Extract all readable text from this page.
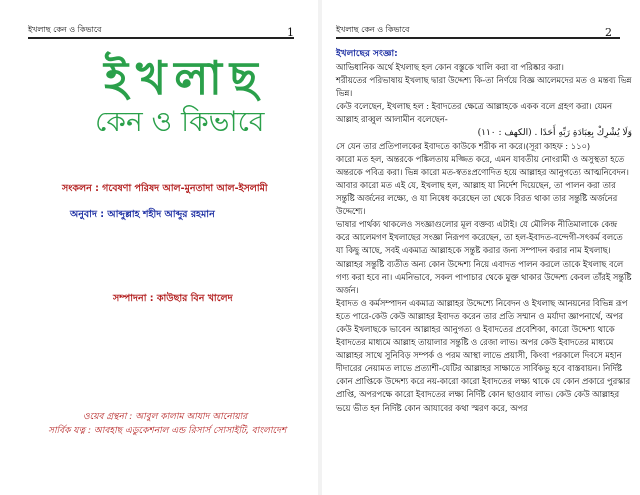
ইখলাছ কেন ও কিভাবে	1
ইখলাছ
কেন ও কিভাবে
সংকলন : গবেষণা পরিষদ আল-মুনতাদা আল-ইসলামী
অনুবাদ : আব্দুল্লাহ শহীদ আব্দুর রহমান
সম্পাদনা : কাউছার বিন খালেদ
ওয়েব গ্রন্থনা : আবুল কালাম আযাদ আনোয়ার
সার্বিক যত্ন : আবহাছ এডুকেশনাল এন্ড রিসার্স সোসাইটি, বাংলাদেশ
ইখলাছ কেন ও কিভাবে	2

ইখলাছের সংজ্ঞা:

আভিধানিক অর্থে ইখলাছ হল কোন বস্তুকে খালি করা বা পরিষ্কার করা।

শরীয়তের পরিভাষায় ইখলাছ দ্বারা উদ্দেশ্য কি-তা নির্ণয়ে বিজ্ঞ আলেমদের মত ও মন্তব্য ভিন্ন ভিন্ন।

কেউ বলেছেন, ইখলাছ হল : ইবাদতের ক্ষেত্রে আল্লাহকে একক বলে গ্রহণ করা। যেমন আল্লাহ রাব্বুল আলামীন বলেছেন-

وَلَا يُشْرِكْ بِعِبَادَةِ رَبِّهِ أَحَدًا . (الكهف : ١١٠)

সে যেন তার প্রতিপালকের ইবাদতে কাউকে শরীক না করে।(সূরা কাহফ : ১১০)

কারো মত হল, অন্তরকে পঙ্কিলতায় মজ্জিত করে, এমন যাবতীয় নোংরামী ও অসুস্থতা হতে অন্তরকে পবিত্র করা। ভিন্ন কারো মত-স্বতঃপ্রণোদিত হয়ে আল্লাহর আনুগত্যে আত্মনিবেদন।

আবার কারো মত এই যে, ইখলাছ হল, আল্লাহ যা নির্দেশ দিয়েছেন, তা পালন করা তার সন্তুষ্টি অর্জনের লক্ষ্যে, ও যা নিষেধ করেছেন তা থেকে বিরত থাকা তার সন্তুষ্টি অর্জনের উদ্দেশ্যে।

ভাষার পার্থক্য থাকলেও সংজ্ঞাগুলোর মূল বক্তব্য এটাই। যে মৌলিক নীতিমালাকে কেন্দ্র করে আলেমগণ ইখলাছের সংজ্ঞা নিরূপণ করেছেন, তা হল-ইবাদত-বন্দেগী-সৎকর্ম বলতে যা কিছু আছে, সবই একমাত্র আল্লাহকে সন্তুষ্ট করার জন্য সম্পাদন করার নাম ইখলাছ। আল্লাহর সন্তুষ্টি ব্যতীত অন্য কোন উদ্দেশ্য নিয়ে এবাদত পালন করলে তাকে ইখলাছ বলে গণ্য করা হবে না। এমনিভাবে, সকল পাপাচার থেকে মুক্ত থাকার উদ্দেশ্য কেবল তাঁরই সন্তুষ্টি অর্জন।

ইবাদত ও কর্মসম্পাদন একমাত্র আল্লাহর উদ্দেশ্যে নিবেদন ও ইখলাছ আনয়নের বিভিন্ন রূপ হতে পারে-কেউ কেউ আল্লাহর ইবাদত করেন তার প্রতি সম্মান ও মর্যাদা জ্ঞাপনার্থে, অপর কেউ ইখলাছকে ভাবেন আল্লাহর আনুগত্য ও ইবাদতের প্রবেশিকা, কারো উদ্দেশ্য থাকে ইবাদতের মাধ্যমে আল্লাহ তায়ালার সন্তুষ্টি ও রেজা লাভ। অপর কেউ ইবাদতের মাধ্যমে আল্লাহর সাথে সুনিবিড় সম্পর্ক ও পরম আস্থা লাভে প্রয়াসী, কিংবা পরকালে দিবসে মহান দীদারের নেয়ামত লাভে প্রত্যাশী-যেটির আল্লাহর সাক্ষাতে সার্বিকভু হবে বাস্তবায়ন। নির্দিষ্ট কোন প্রাপ্তিকে উদ্দেশ্য করে নয়-কারো কারো ইবাদতের লক্ষ্য থাকে যে কোন প্রকারে পুরস্কার প্রাপ্তি, অপরপক্ষে কারো ইবাদতের লক্ষ্য নির্দিষ্ট কোন ছাওয়াব লাভ। কেউ কেউ আল্লাহর ভয়ে ভীত হন নির্দিষ্ট কোন আযাবের কথা স্মরণ করে, অপর
